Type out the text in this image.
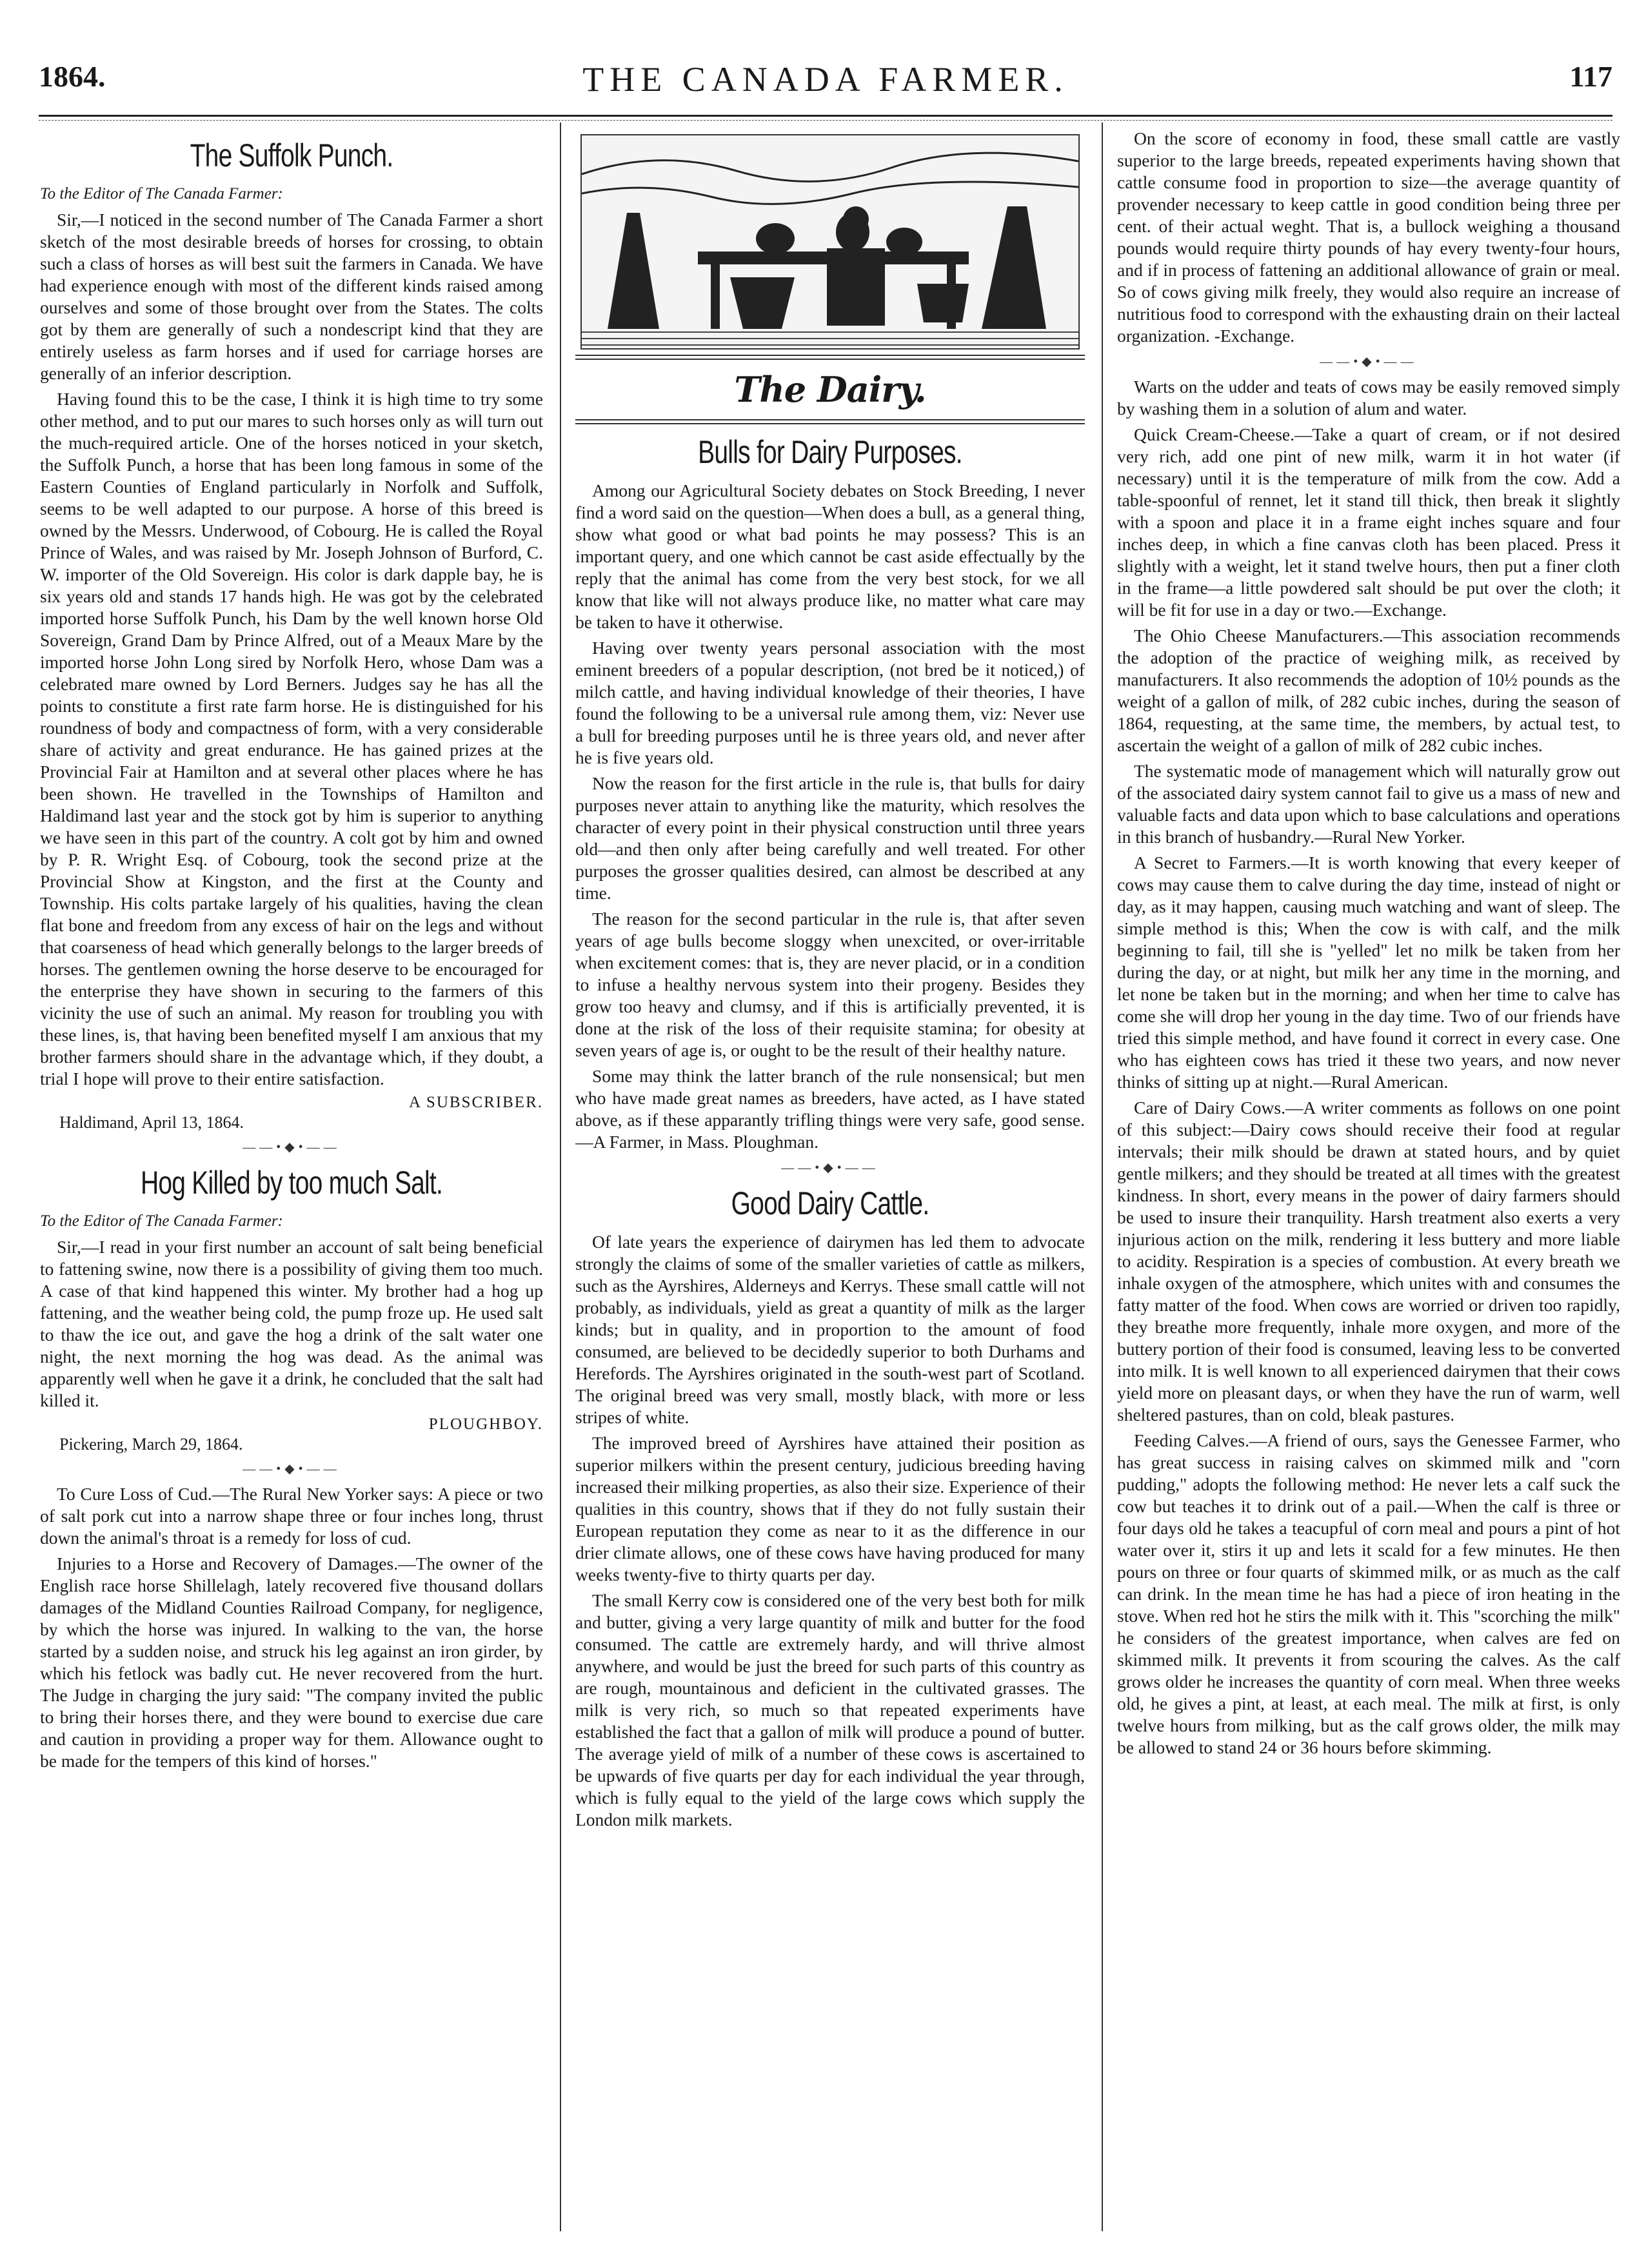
1864.	THE CANADA FARMER.	117
The Suffolk Punch.

To the Editor of The Canada Farmer:

Sir,—I noticed in the second number of The Canada Farmer a short sketch of the most desirable breeds of horses for crossing, to obtain such a class of horses as will best suit the farmers in Canada. We have had experience enough with most of the different kinds raised among ourselves and some of those brought over from the States. The colts got by them are generally of such a nondescript kind that they are entirely useless as farm horses and if used for carriage horses are generally of an inferior description.

Having found this to be the case, I think it is high time to try some other method, and to put our mares to such horses only as will turn out the much-required article. One of the horses noticed in your sketch, the Suffolk Punch, a horse that has been long famous in some of the Eastern Counties of England particularly in Norfolk and Suffolk, seems to be well adapted to our purpose. A horse of this breed is owned by the Messrs. Underwood, of Cobourg. He is called the Royal Prince of Wales, and was raised by Mr. Joseph Johnson of Burford, C. W. importer of the Old Sovereign. His color is dark dapple bay, he is six years old and stands 17 hands high. He was got by the celebrated imported horse Suffolk Punch, his Dam by the well known horse Old Sovereign, Grand Dam by Prince Alfred, out of a Meaux Mare by the imported horse John Long sired by Norfolk Hero, whose Dam was a celebrated mare owned by Lord Berners. Judges say he has all the points to constitute a first rate farm horse. He is distinguished for his roundness of body and compactness of form, with a very considerable share of activity and great endurance. He has gained prizes at the Provincial Fair at Hamilton and at several other places where he has been shown. He travelled in the Townships of Hamilton and Haldimand last year and the stock got by him is superior to anything we have seen in this part of the country. A colt got by him and owned by P. R. Wright Esq. of Cobourg, took the second prize at the Provincial Show at Kingston, and the first at the County and Township. His colts partake largely of his qualities, having the clean flat bone and freedom from any excess of hair on the legs and without that coarseness of head which generally belongs to the larger breeds of horses. The gentlemen owning the horse deserve to be encouraged for the enterprise they have shown in securing to the farmers of this vicinity the use of such an animal. My reason for troubling you with these lines, is, that having been benefited myself I am anxious that my brother farmers should share in the advantage which, if they doubt, a trial I hope will prove to their entire satisfaction.

A SUBSCRIBER.
Haldimand, April 13, 1864.
——•◆•——
Hog Killed by too much Salt.

To the Editor of The Canada Farmer:

Sir,—I read in your first number an account of salt being beneficial to fattening swine, now there is a possibility of giving them too much. A case of that kind happened this winter. My brother had a hog up fattening, and the weather being cold, the pump froze up. He used salt to thaw the ice out, and gave the hog a drink of the salt water one night, the next morning the hog was dead. As the animal was apparently well when he gave it a drink, he concluded that the salt had killed it.

PLOUGHBOY.
Pickering, March 29, 1864.
——•◆•——

To Cure Loss of Cud.—The Rural New Yorker says: A piece or two of salt pork cut into a narrow shape three or four inches long, thrust down the animal's throat is a remedy for loss of cud.

Injuries to a Horse and Recovery of Damages.—The owner of the English race horse Shillelagh, lately recovered five thousand dollars damages of the Midland Counties Railroad Company, for negligence, by which the horse was injured. In walking to the van, the horse started by a sudden noise, and struck his leg against an iron girder, by which his fetlock was badly cut. He never recovered from the hurt. The Judge in charging the jury said: "The company invited the public to bring their horses there, and they were bound to exercise due care and caution in providing a proper way for them. Allowance ought to be made for the tempers of this kind of horses."

The Dairy.
Bulls for Dairy Purposes.

Among our Agricultural Society debates on Stock Breeding, I never find a word said on the question—When does a bull, as a general thing, show what good or what bad points he may possess? This is an important query, and one which cannot be cast aside effectually by the reply that the animal has come from the very best stock, for we all know that like will not always produce like, no matter what care may be taken to have it otherwise.

Having over twenty years personal association with the most eminent breeders of a popular description, (not bred be it noticed,) of milch cattle, and having individual knowledge of their theories, I have found the following to be a universal rule among them, viz: Never use a bull for breeding purposes until he is three years old, and never after he is five years old.

Now the reason for the first article in the rule is, that bulls for dairy purposes never attain to anything like the maturity, which resolves the character of every point in their physical construction until three years old—and then only after being carefully and well treated. For other purposes the grosser qualities desired, can almost be described at any time.

The reason for the second particular in the rule is, that after seven years of age bulls become sloggy when unexcited, or over-irritable when excitement comes: that is, they are never placid, or in a condition to infuse a healthy nervous system into their progeny. Besides they grow too heavy and clumsy, and if this is artificially prevented, it is done at the risk of the loss of their requisite stamina; for obesity at seven years of age is, or ought to be the result of their healthy nature.

Some may think the latter branch of the rule nonsensical; but men who have made great names as breeders, have acted, as I have stated above, as if these apparantly trifling things were very safe, good sense.—A Farmer, in Mass. Ploughman.

——•◆•——
Good Dairy Cattle.

Of late years the experience of dairymen has led them to advocate strongly the claims of some of the smaller varieties of cattle as milkers, such as the Ayrshires, Alderneys and Kerrys. These small cattle will not probably, as individuals, yield as great a quantity of milk as the larger kinds; but in quality, and in proportion to the amount of food consumed, are believed to be decidedly superior to both Durhams and Herefords. The Ayrshires originated in the south-west part of Scotland. The original breed was very small, mostly black, with more or less stripes of white.

The improved breed of Ayrshires have attained their position as superior milkers within the present century, judicious breeding having increased their milking properties, as also their size. Experience of their qualities in this country, shows that if they do not fully sustain their European reputation they come as near to it as the difference in our drier climate allows, one of these cows have having produced for many weeks twenty-five to thirty quarts per day.

The small Kerry cow is considered one of the very best both for milk and butter, giving a very large quantity of milk and butter for the food consumed. The cattle are extremely hardy, and will thrive almost anywhere, and would be just the breed for such parts of this country as are rough, mountainous and deficient in the cultivated grasses. The milk is very rich, so much so that repeated experiments have established the fact that a gallon of milk will produce a pound of butter. The average yield of milk of a number of these cows is ascertained to be upwards of five quarts per day for each individual the year through, which is fully equal to the yield of the large cows which supply the London milk markets.

On the score of economy in food, these small cattle are vastly superior to the large breeds, repeated experiments having shown that cattle consume food in proportion to size—the average quantity of provender necessary to keep cattle in good condition being three per cent. of their actual weght. That is, a bullock weighing a thousand pounds would require thirty pounds of hay every twenty-four hours, and if in process of fattening an additional allowance of grain or meal. So of cows giving milk freely, they would also require an increase of nutritious food to correspond with the exhausting drain on their lacteal organization. -Exchange.

——•◆•——

Warts on the udder and teats of cows may be easily removed simply by washing them in a solution of alum and water.

Quick Cream-Cheese.—Take a quart of cream, or if not desired very rich, add one pint of new milk, warm it in hot water (if necessary) until it is the temperature of milk from the cow. Add a table-spoonful of rennet, let it stand till thick, then break it slightly with a spoon and place it in a frame eight inches square and four inches deep, in which a fine canvas cloth has been placed. Press it slightly with a weight, let it stand twelve hours, then put a finer cloth in the frame—a little powdered salt should be put over the cloth; it will be fit for use in a day or two.—Exchange.

The Ohio Cheese Manufacturers.—This association recommends the adoption of the practice of weighing milk, as received by manufacturers. It also recommends the adoption of 10½ pounds as the weight of a gallon of milk, of 282 cubic inches, during the season of 1864, requesting, at the same time, the members, by actual test, to ascertain the weight of a gallon of milk of 282 cubic inches.

The systematic mode of management which will naturally grow out of the associated dairy system cannot fail to give us a mass of new and valuable facts and data upon which to base calculations and operations in this branch of husbandry.—Rural New Yorker.

A Secret to Farmers.—It is worth knowing that every keeper of cows may cause them to calve during the day time, instead of night or day, as it may happen, causing much watching and want of sleep. The simple method is this; When the cow is with calf, and the milk beginning to fail, till she is "yelled" let no milk be taken from her during the day, or at night, but milk her any time in the morning, and let none be taken but in the morning; and when her time to calve has come she will drop her young in the day time. Two of our friends have tried this simple method, and have found it correct in every case. One who has eighteen cows has tried it these two years, and now never thinks of sitting up at night.—Rural American.

Care of Dairy Cows.—A writer comments as follows on one point of this subject:—Dairy cows should receive their food at regular intervals; their milk should be drawn at stated hours, and by quiet gentle milkers; and they should be treated at all times with the greatest kindness. In short, every means in the power of dairy farmers should be used to insure their tranquility. Harsh treatment also exerts a very injurious action on the milk, rendering it less buttery and more liable to acidity. Respiration is a species of combustion. At every breath we inhale oxygen of the atmosphere, which unites with and consumes the fatty matter of the food. When cows are worried or driven too rapidly, they breathe more frequently, inhale more oxygen, and more of the buttery portion of their food is consumed, leaving less to be converted into milk. It is well known to all experienced dairymen that their cows yield more on pleasant days, or when they have the run of warm, well sheltered pastures, than on cold, bleak pastures.

Feeding Calves.—A friend of ours, says the Genessee Farmer, who has great success in raising calves on skimmed milk and "corn pudding," adopts the following method: He never lets a calf suck the cow but teaches it to drink out of a pail.—When the calf is three or four days old he takes a teacupful of corn meal and pours a pint of hot water over it, stirs it up and lets it scald for a few minutes. He then pours on three or four quarts of skimmed milk, or as much as the calf can drink. In the mean time he has had a piece of iron heating in the stove. When red hot he stirs the milk with it. This "scorching the milk" he considers of the greatest importance, when calves are fed on skimmed milk. It prevents it from scouring the calves. As the calf grows older he increases the quantity of corn meal. When three weeks old, he gives a pint, at least, at each meal. The milk at first, is only twelve hours from milking, but as the calf grows older, the milk may be allowed to stand 24 or 36 hours before skimming.
